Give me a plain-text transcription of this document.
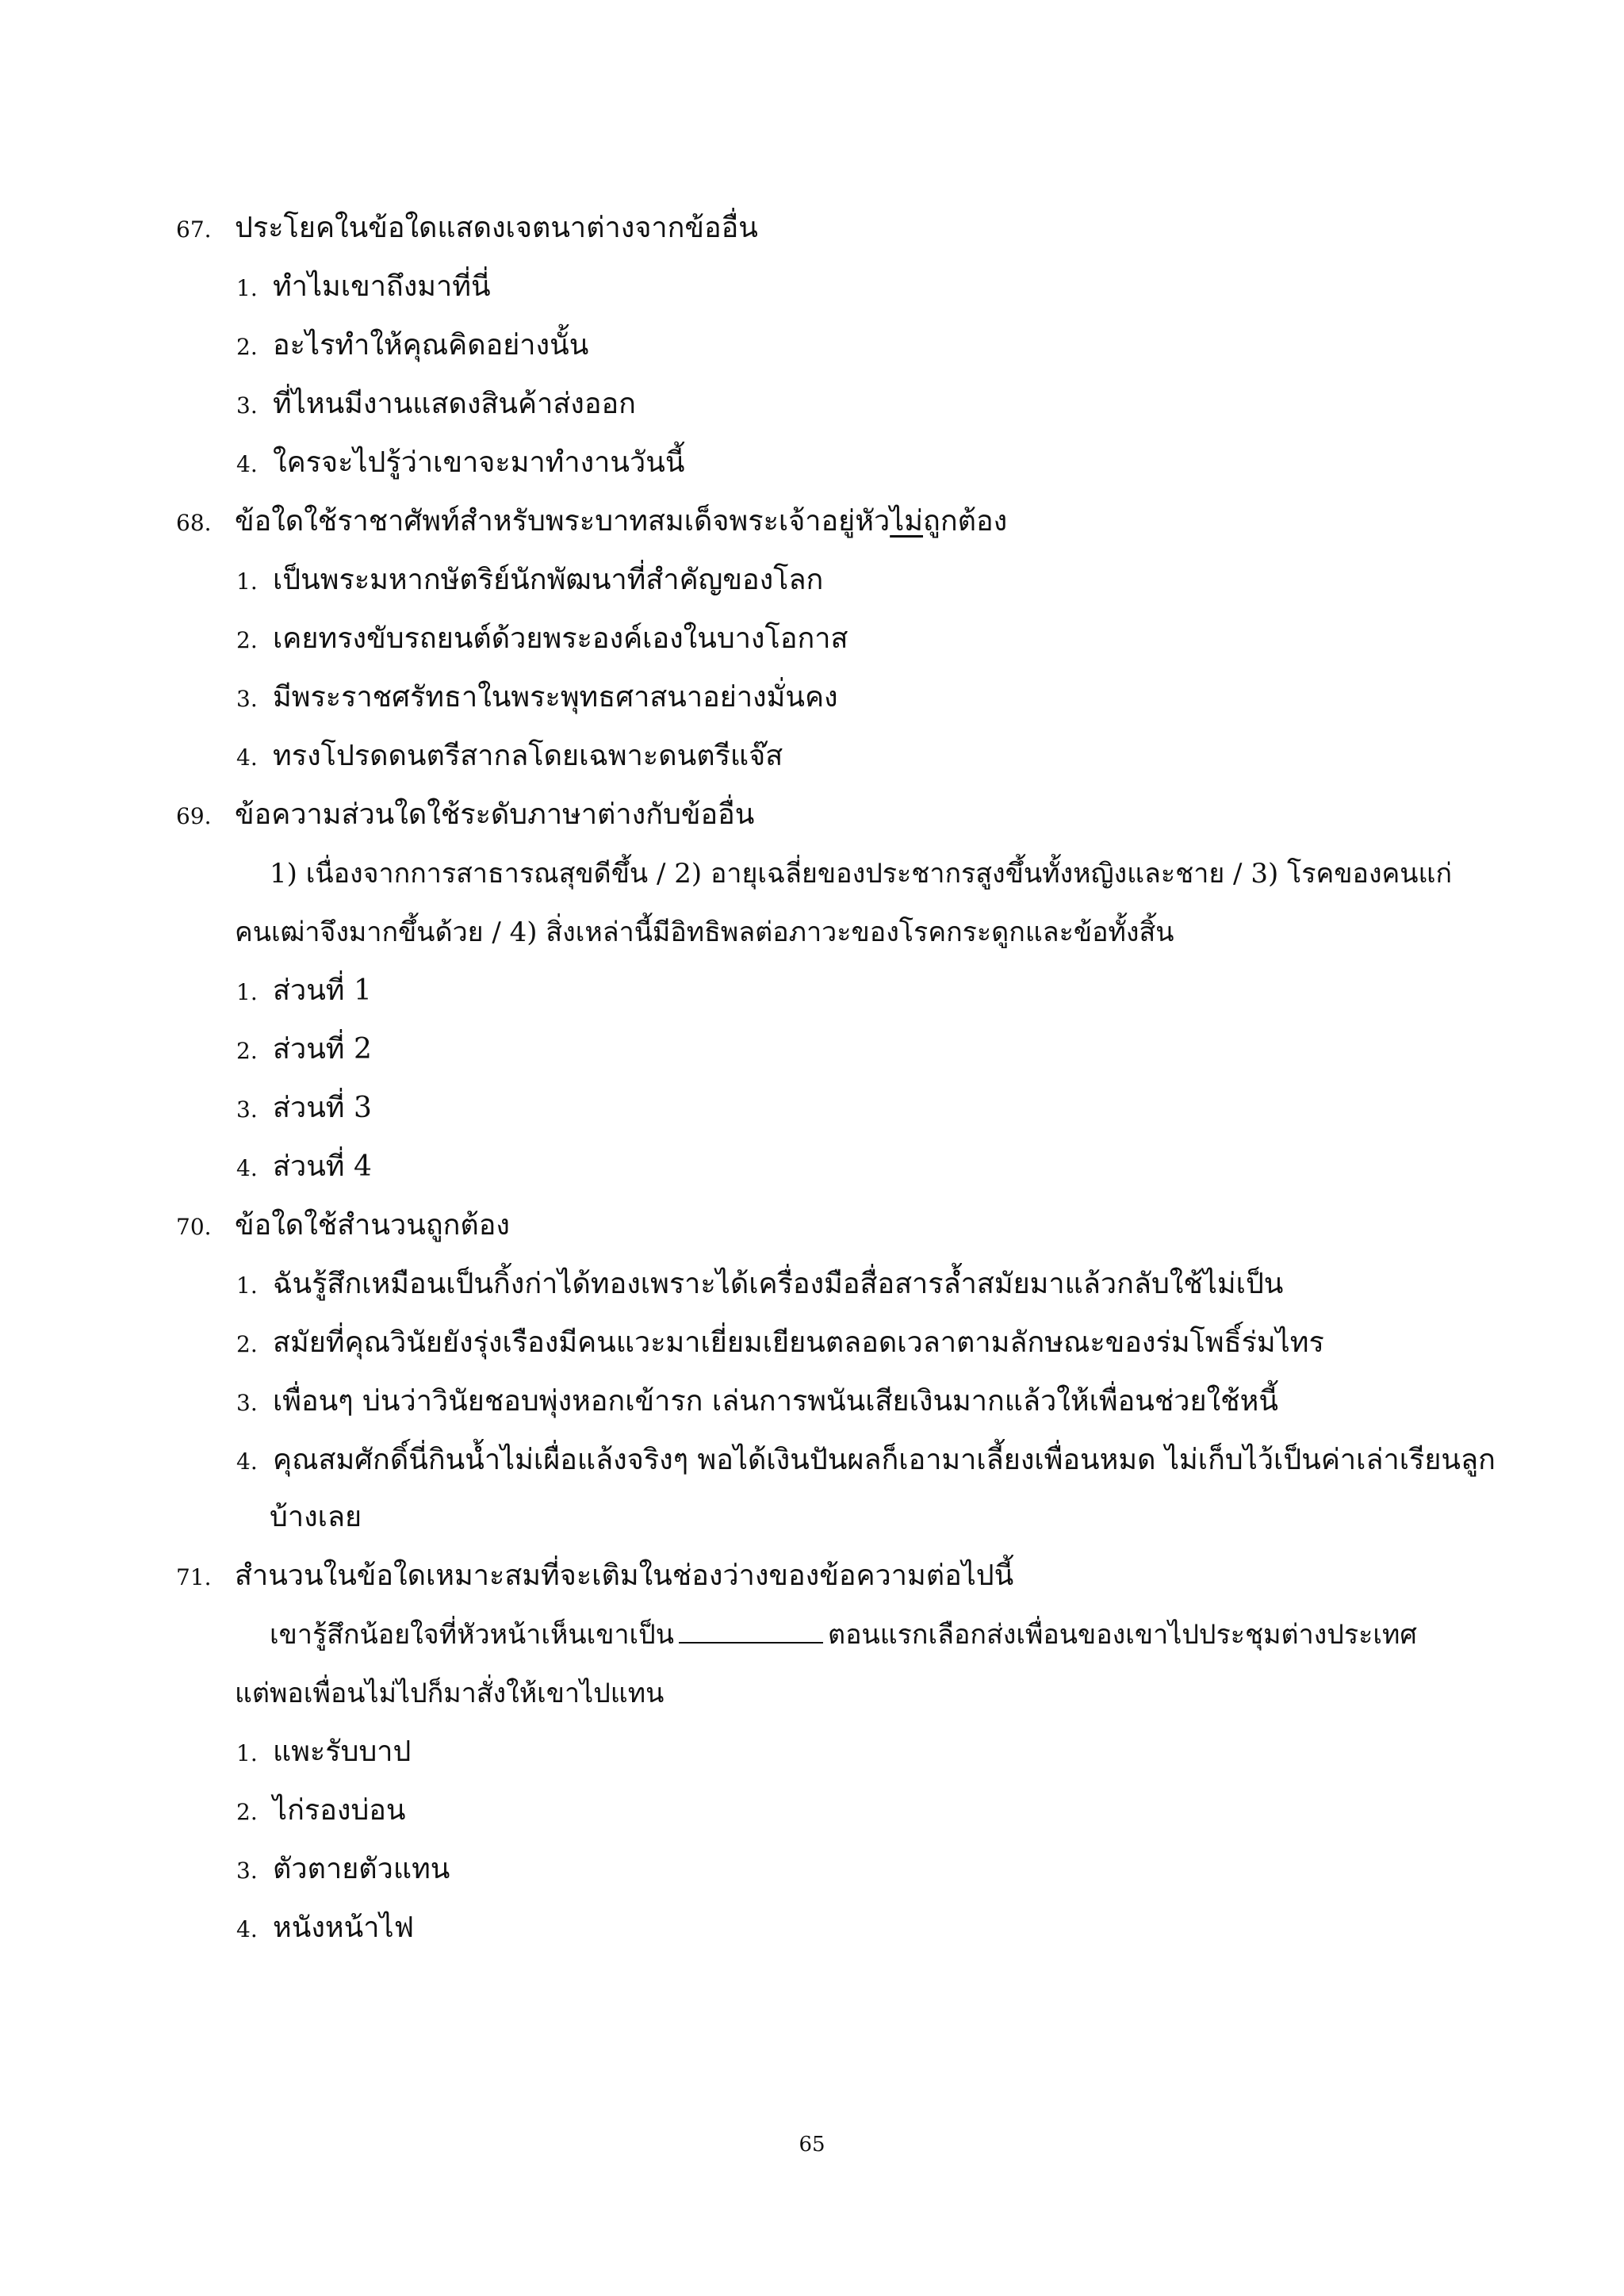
67. ประโยคในข้อใดแสดงเจตนาต่างจากข้ออื่น
1. ทำไมเขาถึงมาที่นี่
2. อะไรทำให้คุณคิดอย่างนั้น
3. ที่ไหนมีงานแสดงสินค้าส่งออก
4. ใครจะไปรู้ว่าเขาจะมาทำงานวันนี้
68. ข้อใดใช้ราชาศัพท์สำหรับพระบาทสมเด็จพระเจ้าอยู่หัวไม่ถูกต้อง
1. เป็นพระมหากษัตริย์นักพัฒนาที่สำคัญของโลก
2. เคยทรงขับรถยนต์ด้วยพระองค์เองในบางโอกาส
3. มีพระราชศรัทธาในพระพุทธศาสนาอย่างมั่นคง
4. ทรงโปรดดนตรีสากลโดยเฉพาะดนตรีแจ๊ส
69. ข้อความส่วนใดใช้ระดับภาษาต่างกับข้ออื่น
1) เนื่องจากการสาธารณสุขดีขึ้น / 2) อายุเฉลี่ยของประชากรสูงขึ้นทั้งหญิงและชาย / 3) โรคของคนแก่
คนเฒ่าจึงมากขึ้นด้วย / 4) สิ่งเหล่านี้มีอิทธิพลต่อภาวะของโรคกระดูกและข้อทั้งสิ้น
1. ส่วนที่ 1
2. ส่วนที่ 2
3. ส่วนที่ 3
4. ส่วนที่ 4
70. ข้อใดใช้สำนวนถูกต้อง
1. ฉันรู้สึกเหมือนเป็นกิ้งก่าได้ทองเพราะได้เครื่องมือสื่อสารล้ำสมัยมาแล้วกลับใช้ไม่เป็น
2. สมัยที่คุณวินัยยังรุ่งเรืองมีคนแวะมาเยี่ยมเยียนตลอดเวลาตามลักษณะของร่มโพธิ์ร่มไทร
3. เพื่อนๆ บ่นว่าวินัยชอบพุ่งหอกเข้ารก เล่นการพนันเสียเงินมากแล้วให้เพื่อนช่วยใช้หนี้
4. คุณสมศักดิ์นี่กินน้ำไม่เผื่อแล้งจริงๆ พอได้เงินปันผลก็เอามาเลี้ยงเพื่อนหมด ไม่เก็บไว้เป็นค่าเล่าเรียนลูก
บ้างเลย
71. สำนวนในข้อใดเหมาะสมที่จะเติมในช่องว่างของข้อความต่อไปนี้
เขารู้สึกน้อยใจที่หัวหน้าเห็นเขาเป็น	ตอนแรกเลือกส่งเพื่อนของเขาไปประชุมต่างประเทศ
แต่พอเพื่อนไม่ไปก็มาสั่งให้เขาไปแทน
1. แพะรับบาป
2. ไก่รองบ่อน
3. ตัวตายตัวแทน
4. หนังหน้าไฟ
65
